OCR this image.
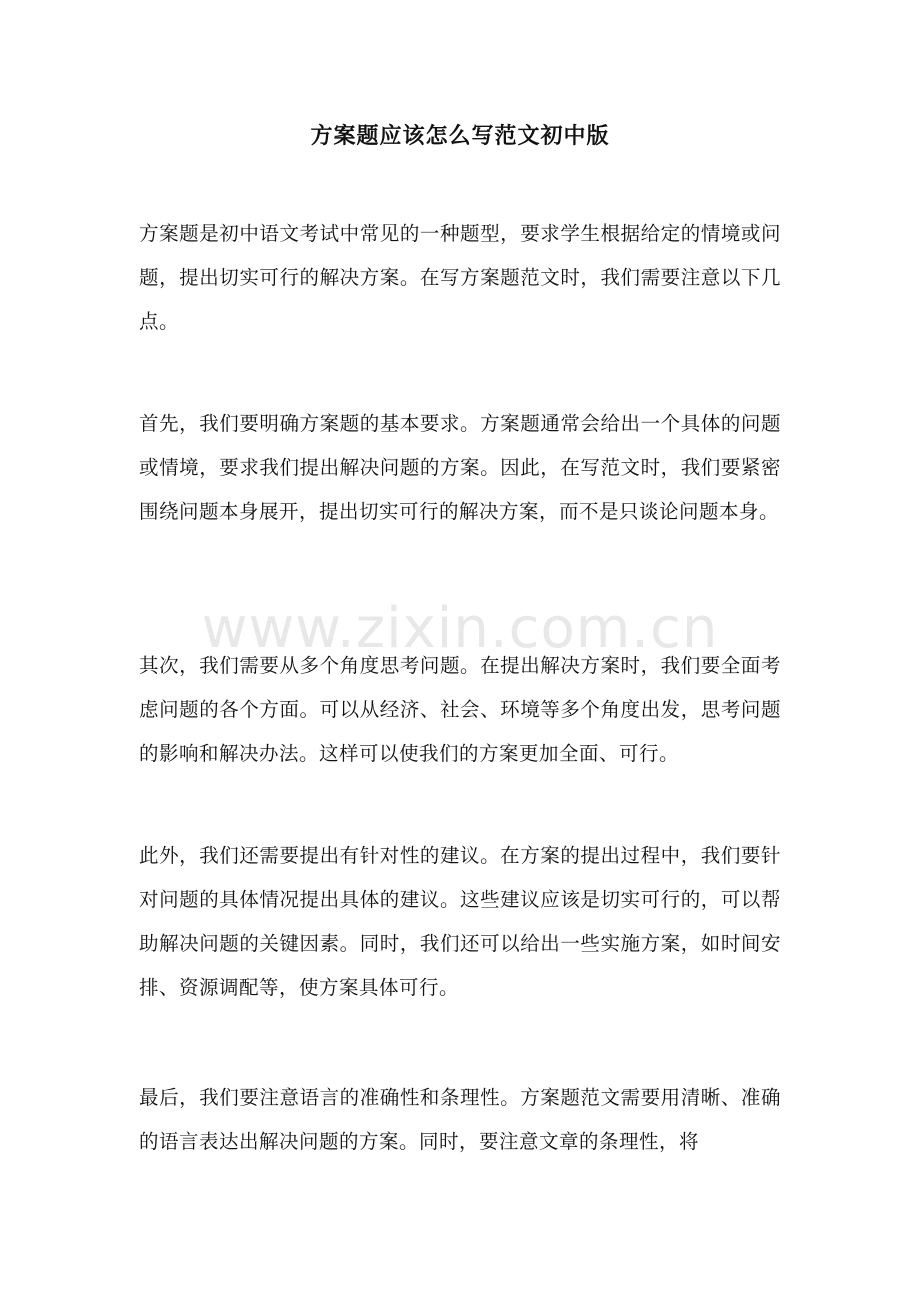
方案题应该怎么写范文初中版
方案题是初中语文考试中常见的一种题型，要求学生根据给定的情境或问题，提出切实可行的解决方案。在写方案题范文时，我们需要注意以下几点。
首先，我们要明确方案题的基本要求。方案题通常会给出一个具体的问题或情境，要求我们提出解决问题的方案。因此，在写范文时，我们要紧密围绕问题本身展开，提出切实可行的解决方案，而不是只谈论问题本身。
其次，我们需要从多个角度思考问题。在提出解决方案时，我们要全面考虑问题的各个方面。可以从经济、社会、环境等多个角度出发，思考问题的影响和解决办法。这样可以使我们的方案更加全面、可行。
此外，我们还需要提出有针对性的建议。在方案的提出过程中，我们要针对问题的具体情况提出具体的建议。这些建议应该是切实可行的，可以帮助解决问题的关键因素。同时，我们还可以给出一些实施方案，如时间安排、资源调配等，使方案具体可行。
最后，我们要注意语言的准确性和条理性。方案题范文需要用清晰、准确的语言表达出解决问题的方案。同时，要注意文章的条理性，将
www.zixin.com.cn
